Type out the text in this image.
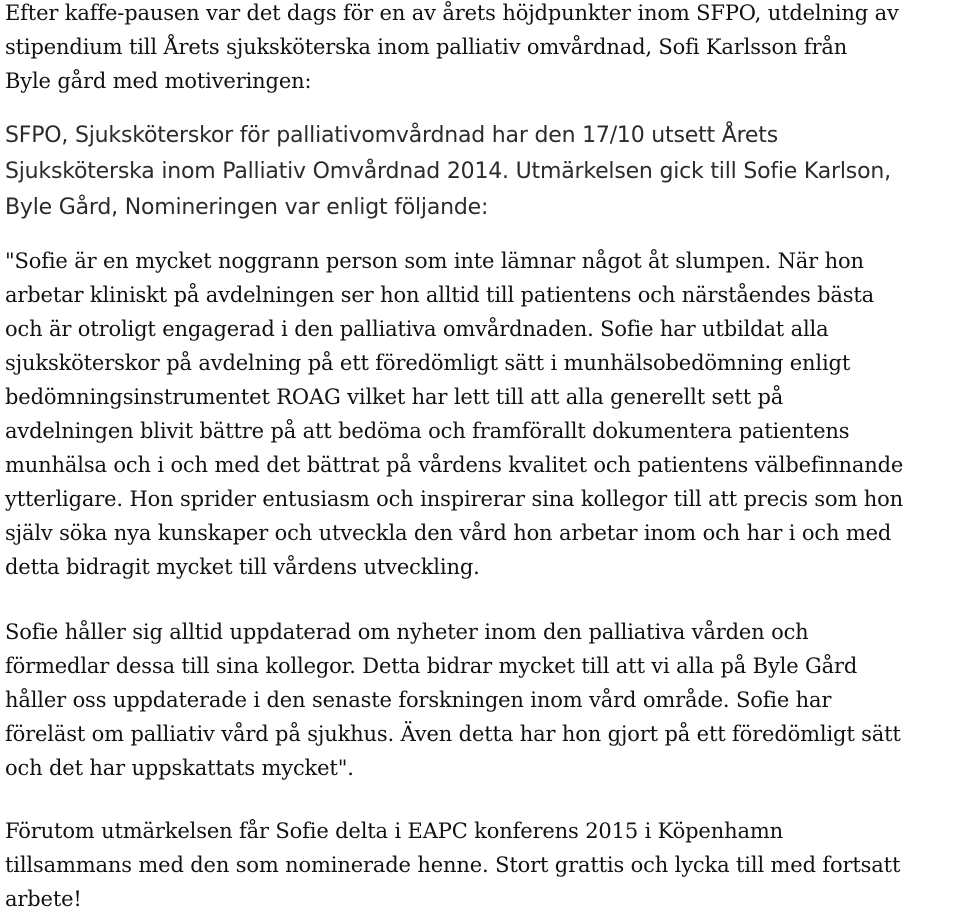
Efter kaffe-pausen var det dags för en av årets höjdpunkter inom SFPO, utdelning av
stipendium till Årets sjuksköterska inom palliativ omvårdnad, Sofi Karlsson från
Byle gård med motiveringen:
SFPO, Sjuksköterskor för palliativomvårdnad har den 17/10 utsett Årets
Sjuksköterska inom Palliativ Omvårdnad 2014. Utmärkelsen gick till Sofie Karlson,
Byle Gård, Nomineringen var enligt följande:
"Sofie är en mycket noggrann person som inte lämnar något åt slumpen. När hon
arbetar kliniskt på avdelningen ser hon alltid till patientens och närståendes bästa
och är otroligt engagerad i den palliativa omvårdnaden. Sofie har utbildat alla
sjuksköterskor på avdelning på ett föredömligt sätt i munhälsobedömning enligt
bedömningsinstrumentet ROAG vilket har lett till att alla generellt sett på
avdelningen blivit bättre på att bedöma och framförallt dokumentera patientens
munhälsa och i och med det bättrat på vårdens kvalitet och patientens välbefinnande
ytterligare. Hon sprider entusiasm och inspirerar sina kollegor till att precis som hon
själv söka nya kunskaper och utveckla den vård hon arbetar inom och har i och med
detta bidragit mycket till vårdens utveckling.
Sofie håller sig alltid uppdaterad om nyheter inom den palliativa vården och
förmedlar dessa till sina kollegor. Detta bidrar mycket till att vi alla på Byle Gård
håller oss uppdaterade i den senaste forskningen inom vård område. Sofie har
föreläst om palliativ vård på sjukhus. Även detta har hon gjort på ett föredömligt sätt
och det har uppskattats mycket".
Förutom utmärkelsen får Sofie delta i EAPC konferens 2015 i Köpenhamn
tillsammans med den som nominerade henne. Stort grattis och lycka till med fortsatt
arbete!
